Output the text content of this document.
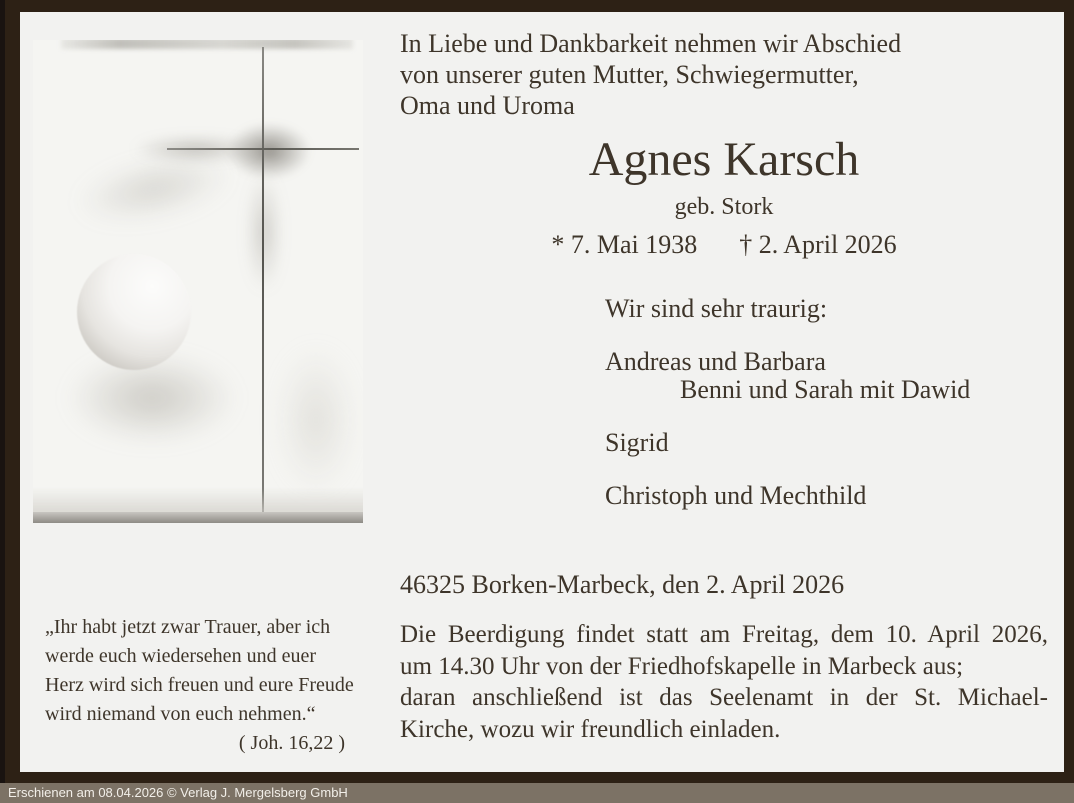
In Liebe und Dankbarkeit nehmen wir Abschied
von unserer guten Mutter, Schwiegermutter,
Oma und Uroma
Agnes Karsch
geb. Stork
* 7. Mai 1938 † 2. April 2026
Wir sind sehr traurig:
Andreas und Barbara
Benni und Sarah mit Dawid
Sigrid
Christoph und Mechthild
46325 Borken-Marbeck, den 2. April 2026
Die Beerdigung findet statt am Freitag, dem 10. April 2026,
um 14.30 Uhr von der Friedhofskapelle in Marbeck aus;
daran anschließend ist das Seelenamt in der St. Michael-
Kirche, wozu wir freundlich einladen.
„Ihr habt jetzt zwar Trauer, aber ich
werde euch wiedersehen und euer
Herz wird sich freuen und eure Freude
wird niemand von euch nehmen.“
( Joh. 16,22 )
Erschienen am 08.04.2026 © Verlag J. Mergelsberg GmbH
